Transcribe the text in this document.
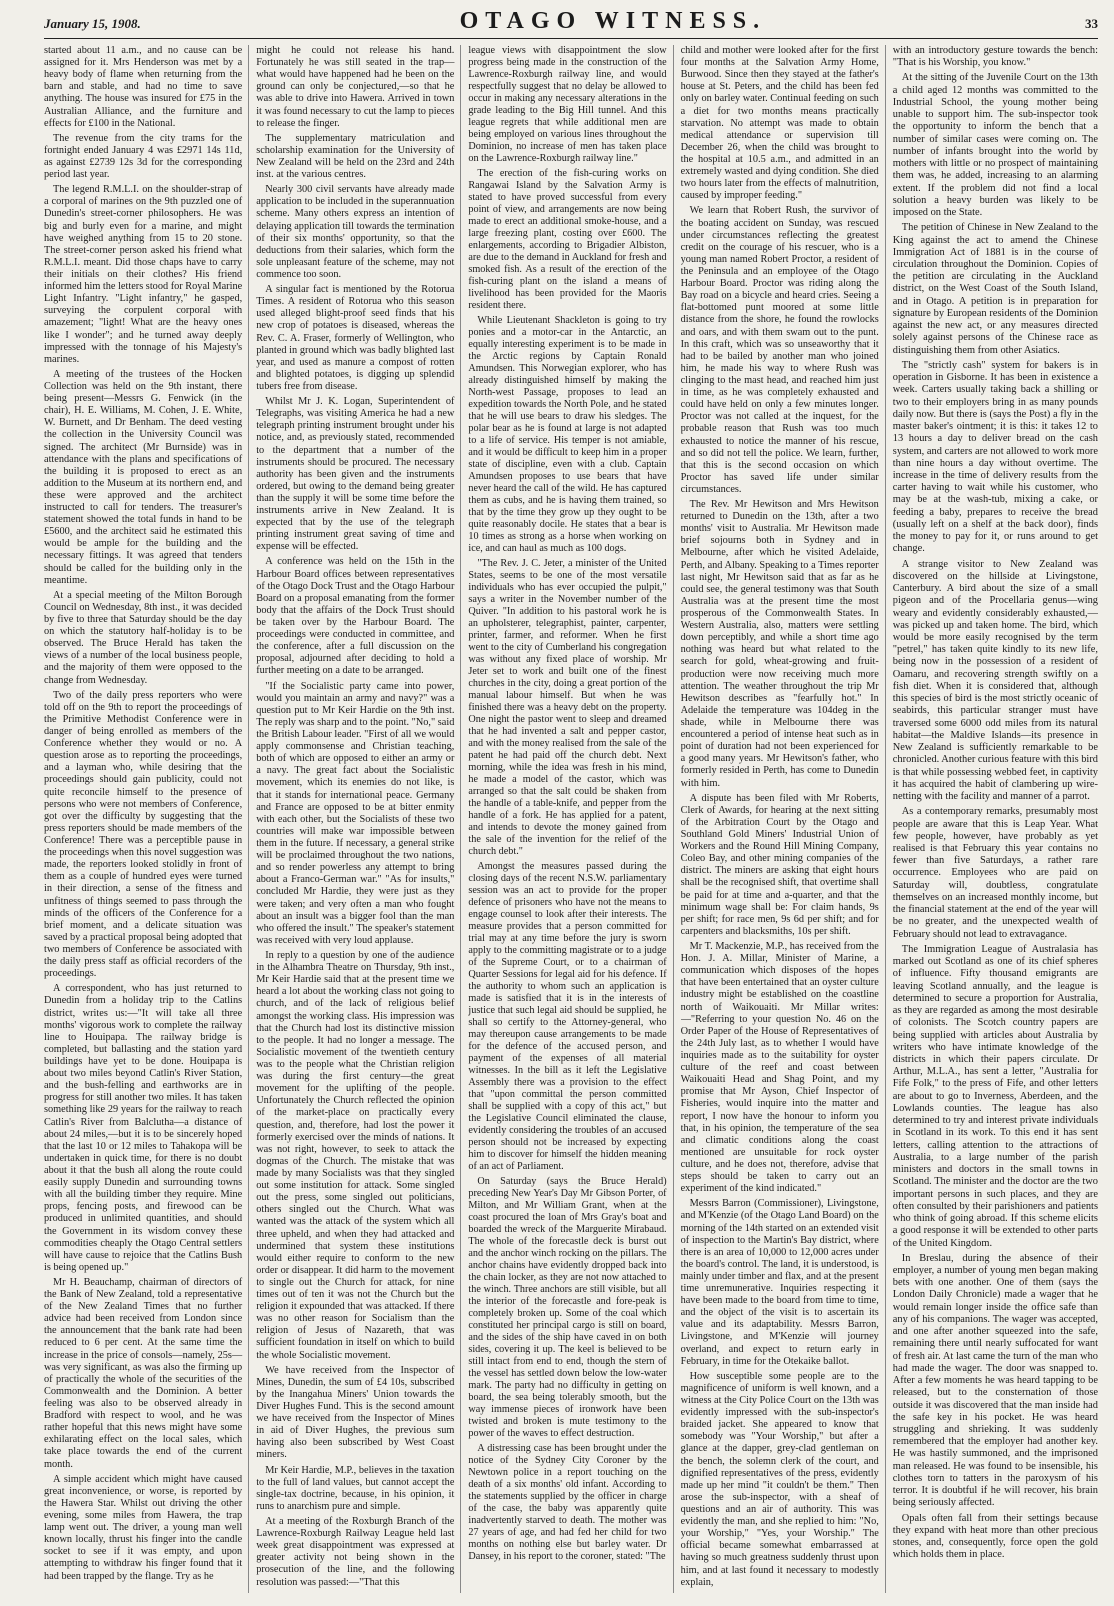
January 15, 1908.	OTAGO WITNESS.	33

started about 11 a.m., and no cause can be assigned for it. Mrs Henderson was met by a heavy body of flame when returning from the barn and stable, and had no time to save anything. The house was insured for £75 in the Australian Alliance, and the furniture and effects for £100 in the National.

The revenue from the city trams for the fortnight ended January 4 was £2971 14s 11d, as against £2739 12s 3d for the corresponding period last year.

The legend R.M.L.I. on the shoulder-strap of a corporal of marines on the 9th puzzled one of Dunedin's street-corner philosophers. He was big and burly even for a marine, and might have weighed anything from 15 to 20 stone. The street-corner person asked his friend what R.M.L.I. meant. Did those chaps have to carry their initials on their clothes? His friend informed him the letters stood for Royal Marine Light Infantry. "Light infantry," he gasped, surveying the corpulent corporal with amazement; "light! What are the heavy ones like I wonder"; and he turned away deeply impressed with the tonnage of his Majesty's marines.

A meeting of the trustees of the Hocken Collection was held on the 9th instant, there being present—Messrs G. Fenwick (in the chair), H. E. Williams, M. Cohen, J. E. White, W. Burnett, and Dr Benham. The deed vesting the collection in the University Council was signed. The architect (Mr Burnside) was in attendance with the plans and specifications of the building it is proposed to erect as an addition to the Museum at its northern end, and these were approved and the architect instructed to call for tenders. The treasurer's statement showed the total funds in hand to be £5600, and the architect said he estimated this would be ample for the building and the necessary fittings. It was agreed that tenders should be called for the building only in the meantime.

At a special meeting of the Milton Borough Council on Wednesday, 8th inst., it was decided by five to three that Saturday should be the day on which the statutory half-holiday is to be observed. The Bruce Herald has taken the views of a number of the local business people, and the majority of them were opposed to the change from Wednesday.

Two of the daily press reporters who were told off on the 9th to report the proceedings of the Primitive Methodist Conference were in danger of being enrolled as members of the Conference whether they would or no. A question arose as to reporting the proceedings, and a layman who, while desiring that the proceedings should gain publicity, could not quite reconcile himself to the presence of persons who were not members of Conference, got over the difficulty by suggesting that the press reporters should be made members of the Conference! There was a perceptible pause in the proceedings when this novel suggestion was made, the reporters looked stolidly in front of them as a couple of hundred eyes were turned in their direction, a sense of the fitness and unfitness of things seemed to pass through the minds of the officers of the Conference for a brief moment, and a delicate situation was saved by a practical proposal being adopted that two members of Conference be associated with the daily press staff as official recorders of the proceedings.

A correspondent, who has just returned to Dunedin from a holiday trip to the Catlins district, writes us:—"It will take all three months' vigorous work to complete the railway line to Houipapa. The railway bridge is completed, but ballasting and the station yard buildings have yet to be done. Houipapa is about two miles beyond Catlin's River Station, and the bush-felling and earthworks are in progress for still another two miles. It has taken something like 29 years for the railway to reach Catlin's River from Balclutha—a distance of about 24 miles,—but it is to be sincerely hoped that the last 10 or 12 miles to Tahakopa will be undertaken in quick time, for there is no doubt about it that the bush all along the route could easily supply Dunedin and surrounding towns with all the building timber they require. Mine props, fencing posts, and firewood can be produced in unlimited quantities, and should the Government in its wisdom convey these commodities cheaply the Otago Central settlers will have cause to rejoice that the Catlins Bush is being opened up."

Mr H. Beauchamp, chairman of directors of the Bank of New Zealand, told a representative of the New Zealand Times that no further advice had been received from London since the announcement that the bank rate had been reduced to 6 per cent. At the same time the increase in the price of consols—namely, 25s—was very significant, as was also the firming up of practically the whole of the securities of the Commonwealth and the Dominion. A better feeling was also to be observed already in Bradford with respect to wool, and he was rather hopeful that this news might have some exhilarating effect on the local sales, which take place towards the end of the current month.

A simple accident which might have caused great inconvenience, or worse, is reported by the Hawera Star. Whilst out driving the other evening, some miles from Hawera, the trap lamp went out. The driver, a young man well known locally, thrust his finger into the candle socket to see if it was empty, and upon attempting to withdraw his finger found that it had been trapped by the flange. Try as he

might he could not release his hand. Fortunately he was still seated in the trap—what would have happened had he been on the ground can only be conjectured,—so that he was able to drive into Hawera. Arrived in town it was found necessary to cut the lamp to pieces to release the finger.

The supplementary matriculation and scholarship examination for the University of New Zealand will be held on the 23rd and 24th inst. at the various centres.

Nearly 300 civil servants have already made application to be included in the superannuation scheme. Many others express an intention of delaying application till towards the termination of their six months' opportunity, so that the deductions from their salaries, which form the sole unpleasant feature of the scheme, may not commence too soon.

A singular fact is mentioned by the Rotorua Times. A resident of Rotorua who this season used alleged blight-proof seed finds that his new crop of potatoes is diseased, whereas the Rev. C. A. Fraser, formerly of Wellington, who planted in ground which was badly blighted last year, and used as manure a compost of rotten and blighted potatoes, is digging up splendid tubers free from disease.

Whilst Mr J. K. Logan, Superintendent of Telegraphs, was visiting America he had a new telegraph printing instrument brought under his notice, and, as previously stated, recommended to the department that a number of the instruments should be procured. The necessary authority has been given and the instruments ordered, but owing to the demand being greater than the supply it will be some time before the instruments arrive in New Zealand. It is expected that by the use of the telegraph printing instrument great saving of time and expense will be effected.

A conference was held on the 15th in the Harbour Board offices between representatives of the Otago Dock Trust and the Otago Harbour Board on a proposal emanating from the former body that the affairs of the Dock Trust should be taken over by the Harbour Board. The proceedings were conducted in committee, and the conference, after a full discussion on the proposal, adjourned after deciding to hold a further meeting on a date to be arranged.

"If the Socialistic party came into power, would you maintain an army and navy?" was a question put to Mr Keir Hardie on the 9th inst. The reply was sharp and to the point. "No," said the British Labour leader. "First of all we would apply commonsense and Christian teaching, both of which are opposed to either an army or a navy. The great fact about the Socialistic movement, which its enemies do not like, is that it stands for international peace. Germany and France are opposed to be at bitter enmity with each other, but the Socialists of these two countries will make war impossible between them in the future. If necessary, a general strike will be proclaimed throughout the two nations, and so render powerless any attempt to bring about a Franco-German war." "As for insults," concluded Mr Hardie, they were just as they were taken; and very often a man who fought about an insult was a bigger fool than the man who offered the insult." The speaker's statement was received with very loud applause.

In reply to a question by one of the audience in the Alhambra Theatre on Thursday, 9th inst., Mr Keir Hardie said that at the present time we heard a lot about the working class not going to church, and of the lack of religious belief amongst the working class. His impression was that the Church had lost its distinctive mission to the people. It had no longer a message. The Socialistic movement of the twentieth century was to the people what the Christian religion was during the first century—the great movement for the uplifting of the people. Unfortunately the Church reflected the opinion of the market-place on practically every question, and, therefore, had lost the power it formerly exercised over the minds of nations. It was not right, however, to seek to attack the dogmas of the Church. The mistake that was made by many Socialists was that they singled out some institution for attack. Some singled out the press, some singled out politicians, others singled out the Church. What was wanted was the attack of the system which all three upheld, and when they had attacked and undermined that system these institutions would either require to conform to the new order or disappear. It did harm to the movement to single out the Church for attack, for nine times out of ten it was not the Church but the religion it expounded that was attacked. If there was no other reason for Socialism than the religion of Jesus of Nazareth, that was sufficient foundation in itself on which to build the whole Socialistic movement.

We have received from the Inspector of Mines, Dunedin, the sum of £4 10s, subscribed by the Inangahua Miners' Union towards the Diver Hughes Fund. This is the second amount we have received from the Inspector of Mines in aid of Diver Hughes, the previous sum having also been subscribed by West Coast miners.

Mr Keir Hardie, M.P., believes in the taxation to the full of land values, but cannot accept the single-tax doctrine, because, in his opinion, it runs to anarchism pure and simple.

At a meeting of the Roxburgh Branch of the Lawrence-Roxburgh Railway League held last week great disappointment was expressed at greater activity not being shown in the prosecution of the line, and the following resolution was passed:—"That this

league views with disappointment the slow progress being made in the construction of the Lawrence-Roxburgh railway line, and would respectfully suggest that no delay be allowed to occur in making any necessary alterations in the grade leading to the Big Hill tunnel. And this league regrets that while additional men are being employed on various lines throughout the Dominion, no increase of men has taken place on the Lawrence-Roxburgh railway line."

The erection of the fish-curing works on Rangawai Island by the Salvation Army is stated to have proved successful from every point of view, and arrangements are now being made to erect an additional smoke-house, and a large freezing plant, costing over £600. The enlargements, according to Brigadier Albiston, are due to the demand in Auckland for fresh and smoked fish. As a result of the erection of the fish-curing plant on the island a means of livelihood has been provided for the Maoris resident there.

While Lieutenant Shackleton is going to try ponies and a motor-car in the Antarctic, an equally interesting experiment is to be made in the Arctic regions by Captain Ronald Amundsen. This Norwegian explorer, who has already distinguished himself by making the North-west Passage, proposes to lead an expedition towards the North Pole, and he stated that he will use bears to draw his sledges. The polar bear as he is found at large is not adapted to a life of service. His temper is not amiable, and it would be difficult to keep him in a proper state of discipline, even with a club. Captain Amundsen proposes to use bears that have never heard the call of the wild. He has captured them as cubs, and he is having them trained, so that by the time they grow up they ought to be quite reasonably docile. He states that a bear is 10 times as strong as a horse when working on ice, and can haul as much as 100 dogs.

"The Rev. J. C. Jeter, a minister of the United States, seems to be one of the most versatile individuals who has ever occupied the pulpit," says a writer in the November number of the Quiver. "In addition to his pastoral work he is an upholsterer, telegraphist, painter, carpenter, printer, farmer, and reformer. When he first went to the city of Cumberland his congregation was without any fixed place of worship. Mr Jeter set to work and built one of the finest churches in the city, doing a great portion of the manual labour himself. But when he was finished there was a heavy debt on the property. One night the pastor went to sleep and dreamed that he had invented a salt and pepper castor, and with the money realised from the sale of the patent he had paid off the church debt. Next morning, while the idea was fresh in his mind, he made a model of the castor, which was arranged so that the salt could be shaken from the handle of a table-knife, and pepper from the handle of a fork. He has applied for a patent, and intends to devote the money gained from the sale of the invention for the relief of the church debt."

Amongst the measures passed during the closing days of the recent N.S.W. parliamentary session was an act to provide for the proper defence of prisoners who have not the means to engage counsel to look after their interests. The measure provides that a person committed for trial may at any time before the jury is sworn apply to the committing magistrate or to a judge of the Supreme Court, or to a chairman of Quarter Sessions for legal aid for his defence. If the authority to whom such an application is made is satisfied that it is in the interests of justice that such legal aid should be supplied, he shall so certify to the Attorney-general, who may thereupon cause arrangements to be made for the defence of the accused person, and payment of the expenses of all material witnesses. In the bill as it left the Legislative Assembly there was a provision to the effect that "upon committal the person committed shall be supplied with a copy of this act," but the Legislative Council eliminated the clause, evidently considering the troubles of an accused person should not be increased by expecting him to discover for himself the hidden meaning of an act of Parliament.

On Saturday (says the Bruce Herald) preceding New Year's Day Mr Gibson Porter, of Milton, and Mr William Grant, when at the coast procured the loan of Mrs Gray's boat and boarded the wreck of the Marguerite Mirabaud. The whole of the forecastle deck is burst out and the anchor winch rocking on the pillars. The anchor chains have evidently dropped back into the chain locker, as they are not now attached to the winch. Three anchors are still visible, but all the interior of the forecastle and fore-peak is completely broken up. Some of the coal which constituted her principal cargo is still on board, and the sides of the ship have caved in on both sides, covering it up. The keel is believed to be still intact from end to end, though the stern of the vessel has settled down below the low-water mark. The party had no difficulty in getting on board, the sea being tolerably smooth, but the way immense pieces of ironwork have been twisted and broken is mute testimony to the power of the waves to effect destruction.

A distressing case has been brought under the notice of the Sydney City Coroner by the Newtown police in a report touching on the death of a six months' old infant. According to the statements supplied by the officer in charge of the case, the baby was apparently quite inadvertently starved to death. The mother was 27 years of age, and had fed her child for two months on nothing else but barley water. Dr Dansey, in his report to the coroner, stated: "The

child and mother were looked after for the first four months at the Salvation Army Home, Burwood. Since then they stayed at the father's house at St. Peters, and the child has been fed only on barley water. Continual feeding on such a diet for two months means practically starvation. No attempt was made to obtain medical attendance or supervision till December 26, when the child was brought to the hospital at 10.5 a.m., and admitted in an extremely wasted and dying condition. She died two hours later from the effects of malnutrition, caused by improper feeding."

We learn that Robert Rush, the survivor of the boating accident on Sunday, was rescued under circumstances reflecting the greatest credit on the courage of his rescuer, who is a young man named Robert Proctor, a resident of the Peninsula and an employee of the Otago Harbour Board. Proctor was riding along the Bay road on a bicycle and heard cries. Seeing a flat-bottomed punt moored at some little distance from the shore, he found the rowlocks and oars, and with them swam out to the punt. In this craft, which was so unseaworthy that it had to be bailed by another man who joined him, he made his way to where Rush was clinging to the mast head, and reached him just in time, as he was completely exhausted and could have held on only a few minutes longer. Proctor was not called at the inquest, for the probable reason that Rush was too much exhausted to notice the manner of his rescue, and so did not tell the police. We learn, further, that this is the second occasion on which Proctor has saved life under similar circumstances.

The Rev. Mr Hewitson and Mrs Hewitson returned to Dunedin on the 13th, after a two months' visit to Australia. Mr Hewitson made brief sojourns both in Sydney and in Melbourne, after which he visited Adelaide, Perth, and Albany. Speaking to a Times reporter last night, Mr Hewitson said that as far as he could see, the general testimony was that South Australia was at the present time the most prosperous of the Commonwealth States. In Western Australia, also, matters were settling down perceptibly, and while a short time ago nothing was heard but what related to the search for gold, wheat-growing and fruit-production were now receiving much more attention. The weather throughout the trip Mr Hewitson describes as "fearfully hot." In Adelaide the temperature was 104deg in the shade, while in Melbourne there was encountered a period of intense heat such as in point of duration had not been experienced for a good many years. Mr Hewitson's father, who formerly resided in Perth, has come to Dunedin with him.

A dispute has been filed with Mr Roberts, Clerk of Awards, for hearing at the next sitting of the Arbitration Court by the Otago and Southland Gold Miners' Industrial Union of Workers and the Round Hill Mining Company, Coleo Bay, and other mining companies of the district. The miners are asking that eight hours shall be the recognised shift, that overtime shall be paid for at time and a-quarter, and that the minimum wage shall be: For claim hands, 9s per shift; for race men, 9s 6d per shift; and for carpenters and blacksmiths, 10s per shift.

Mr T. Mackenzie, M.P., has received from the Hon. J. A. Millar, Minister of Marine, a communication which disposes of the hopes that have been entertained that an oyster culture industry might be established on the coastline north of Waikouaiti. Mr Millar writes:—"Referring to your question No. 46 on the Order Paper of the House of Representatives of the 24th July last, as to whether I would have inquiries made as to the suitability for oyster culture of the reef and coast between Waikouaiti Head and Shag Point, and my promise that Mr Ayson, Chief Inspector of Fisheries, would inquire into the matter and report, I now have the honour to inform you that, in his opinion, the temperature of the sea and climatic conditions along the coast mentioned are unsuitable for rock oyster culture, and he does not, therefore, advise that steps should be taken to carry out an experiment of the kind indicated."

Messrs Barron (Commissioner), Livingstone, and M'Kenzie (of the Otago Land Board) on the morning of the 14th started on an extended visit of inspection to the Martin's Bay district, where there is an area of 10,000 to 12,000 acres under the board's control. The land, it is understood, is mainly under timber and flax, and at the present time unremunerative. Inquiries respecting it have been made to the board from time to time, and the object of the visit is to ascertain its value and its adaptability. Messrs Barron, Livingstone, and M'Kenzie will journey overland, and expect to return early in February, in time for the Otekaike ballot.

How susceptible some people are to the magnificence of uniform is well known, and a witness at the City Police Court on the 13th was evidently impressed with the sub-inspector's braided jacket. She appeared to know that somebody was "Your Worship," but after a glance at the dapper, grey-clad gentleman on the bench, the solemn clerk of the court, and dignified representatives of the press, evidently made up her mind "it couldn't be them." Then arose the sub-inspector, with a sheaf of questions and an air of authority. This was evidently the man, and she replied to him: "No, your Worship," "Yes, your Worship." The official became somewhat embarrassed at having so much greatness suddenly thrust upon him, and at last found it necessary to modestly explain,

with an introductory gesture towards the bench: "That is his Worship, you know."

At the sitting of the Juvenile Court on the 13th a child aged 12 months was committed to the Industrial School, the young mother being unable to support him. The sub-inspector took the opportunity to inform the bench that a number of similar cases were coming on. The number of infants brought into the world by mothers with little or no prospect of maintaining them was, he added, increasing to an alarming extent. If the problem did not find a local solution a heavy burden was likely to be imposed on the State.

The petition of Chinese in New Zealand to the King against the act to amend the Chinese Immigration Act of 1881 is in the course of circulation throughout the Dominion. Copies of the petition are circulating in the Auckland district, on the West Coast of the South Island, and in Otago. A petition is in preparation for signature by European residents of the Dominion against the new act, or any measures directed solely against persons of the Chinese race as distinguishing them from other Asiatics.

The "strictly cash" system for bakers is in operation in Gisborne. It has been in existence a week. Carters usually taking back a shilling or two to their employers bring in as many pounds daily now. But there is (says the Post) a fly in the master baker's ointment; it is this: it takes 12 to 13 hours a day to deliver bread on the cash system, and carters are not allowed to work more than nine hours a day without overtime. The increase in the time of delivery results from the carter having to wait while his customer, who may be at the wash-tub, mixing a cake, or feeding a baby, prepares to receive the bread (usually left on a shelf at the back door), finds the money to pay for it, or runs around to get change.

A strange visitor to New Zealand was discovered on the hillside at Livingstone, Canterbury. A bird about the size of a small pigeon and of the Procellaria genus—wing weary and evidently considerably exhausted,—was picked up and taken home. The bird, which would be more easily recognised by the term "petrel," has taken quite kindly to its new life, being now in the possession of a resident of Oamaru, and recovering strength swiftly on a fish diet. When it is considered that, although this species of bird is the most strictly oceanic of seabirds, this particular stranger must have traversed some 6000 odd miles from its natural habitat—the Maldive Islands—its presence in New Zealand is sufficiently remarkable to be chronicled. Another curious feature with this bird is that while possessing webbed feet, in captivity it has acquired the habit of clambering up wire-netting with the facility and manner of a parrot.

As a contemporary remarks, presumably most people are aware that this is Leap Year. What few people, however, have probably as yet realised is that February this year contains no fewer than five Saturdays, a rather rare occurrence. Employees who are paid on Saturday will, doubtless, congratulate themselves on an increased monthly income, but the financial statement at the end of the year will be no greater, and the unexpected wealth of February should not lead to extravagance.

The Immigration League of Australasia has marked out Scotland as one of its chief spheres of influence. Fifty thousand emigrants are leaving Scotland annually, and the league is determined to secure a proportion for Australia, as they are regarded as among the most desirable of colonists. The Scotch country papers are being supplied with articles about Australia by writers who have intimate knowledge of the districts in which their papers circulate. Dr Arthur, M.L.A., has sent a letter, "Australia for Fife Folk," to the press of Fife, and other letters are about to go to Inverness, Aberdeen, and the Lowlands counties. The league has also determined to try and interest private individuals in Scotland in its work. To this end it has sent letters, calling attention to the attractions of Australia, to a large number of the parish ministers and doctors in the small towns in Scotland. The minister and the doctor are the two important persons in such places, and they are often consulted by their parishioners and patients who think of going abroad. If this scheme elicits a good response it will be extended to other parts of the United Kingdom.

In Breslau, during the absence of their employer, a number of young men began making bets with one another. One of them (says the London Daily Chronicle) made a wager that he would remain longer inside the office safe than any of his companions. The wager was accepted, and one after another squeezed into the safe, remaining there until nearly suffocated for want of fresh air. At last came the turn of the man who had made the wager. The door was snapped to. After a few moments he was heard tapping to be released, but to the consternation of those outside it was discovered that the man inside had the safe key in his pocket. He was heard struggling and shrieking. It was suddenly remembered that the employer had another key. He was hastily summoned, and the imprisoned man released. He was found to be insensible, his clothes torn to tatters in the paroxysm of his terror. It is doubtful if he will recover, his brain being seriously affected.

Opals often fall from their settings because they expand with heat more than other precious stones, and, consequently, force open the gold which holds them in place.
